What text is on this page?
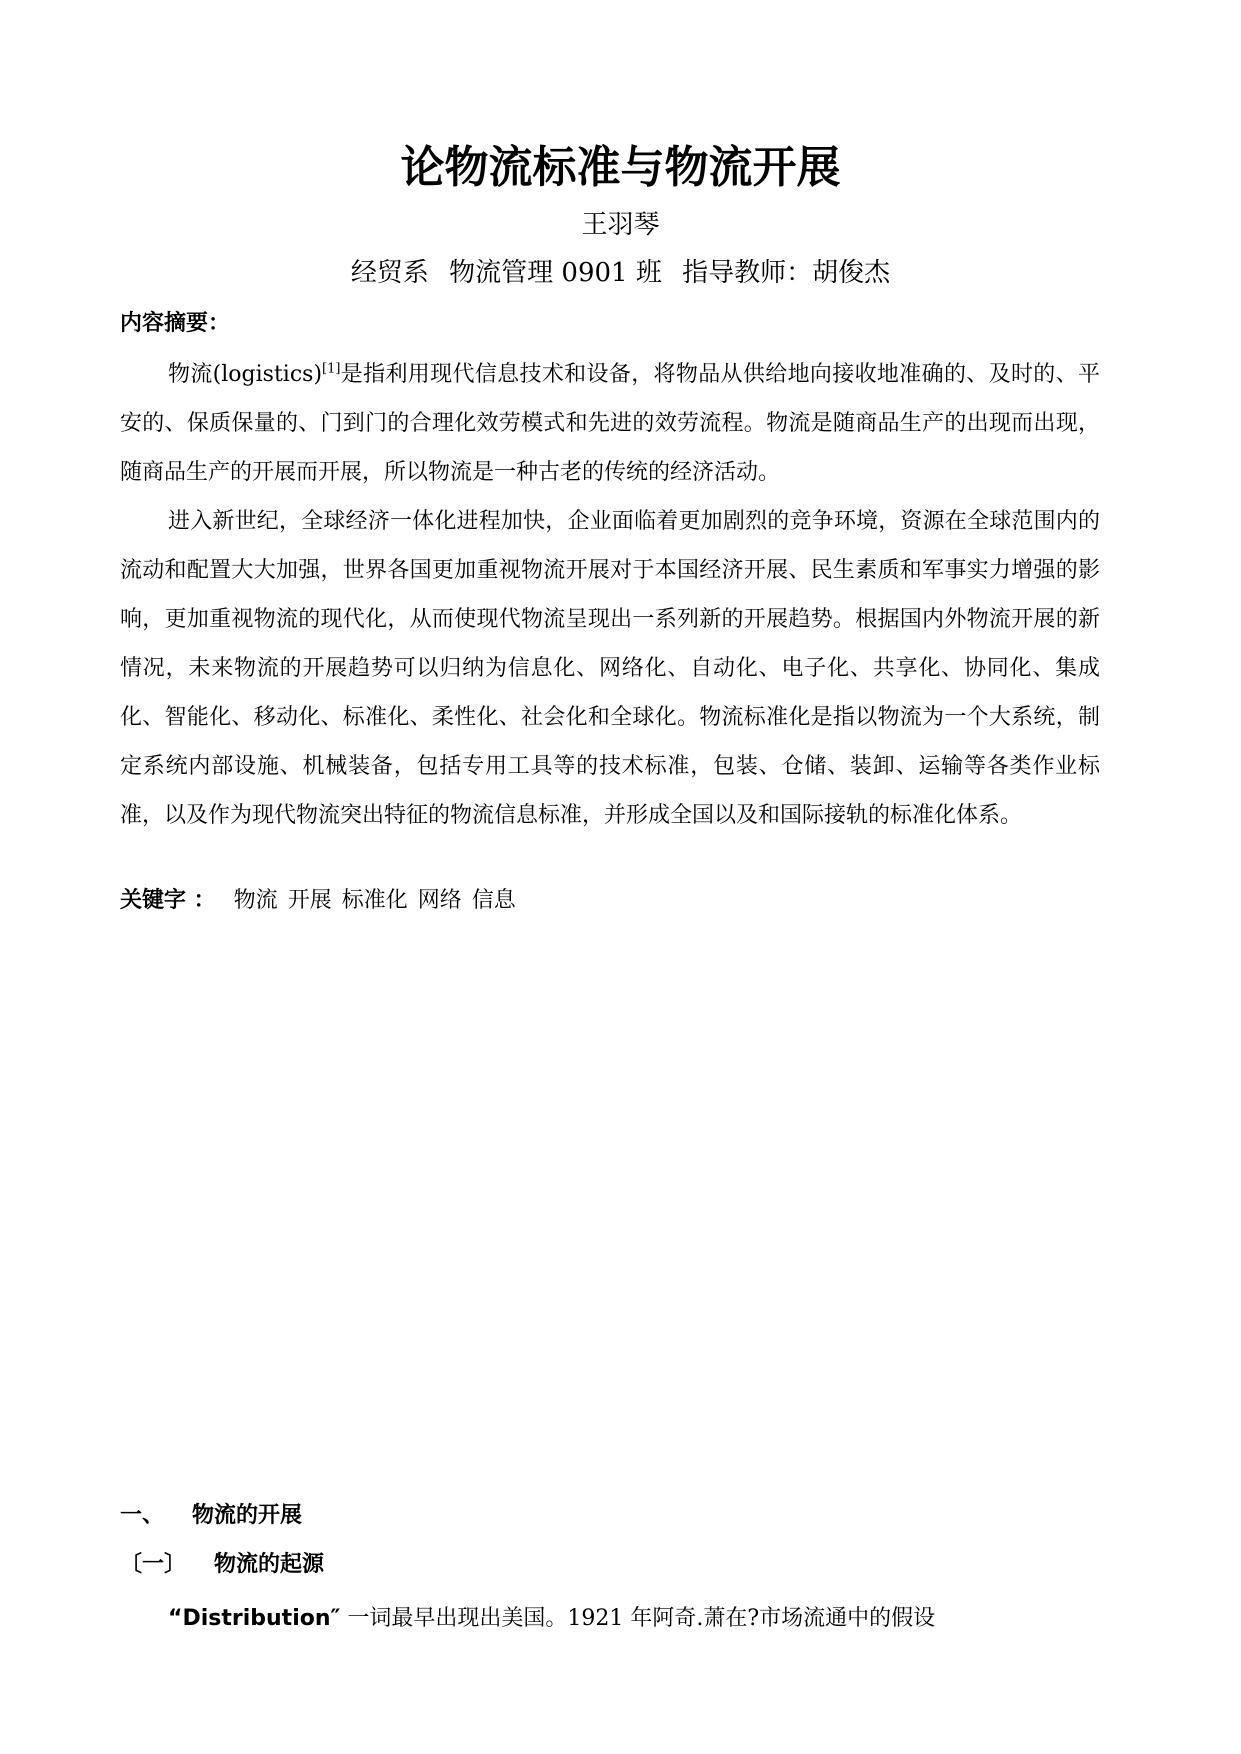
论物流标准与物流开展
王羽琴
经贸系 物流管理 0901 班 指导教师：胡俊杰
内容摘要：

物流(logistics)[1]是指利用现代信息技术和设备，将物品从供给地向接收地准确的、及时的、平安的、保质保量的、门到门的合理化效劳模式和先进的效劳流程。物流是随商品生产的出现而出现，随商品生产的开展而开展，所以物流是一种古老的传统的经济活动。

进入新世纪，全球经济一体化进程加快，企业面临着更加剧烈的竞争环境，资源在全球范围内的流动和配置大大加强，世界各国更加重视物流开展对于本国经济开展、民生素质和军事实力增强的影响，更加重视物流的现代化，从而使现代物流呈现出一系列新的开展趋势。根据国内外物流开展的新情况，未来物流的开展趋势可以归纳为信息化、网络化、自动化、电子化、共享化、协同化、集成化、智能化、移动化、标准化、柔性化、社会化和全球化。物流标准化是指以物流为一个大系统，制定系统内部设施、机械装备，包括专用工具等的技术标准，包装、仓储、装卸、运输等各类作业标准，以及作为现代物流突出特征的物流信息标准，并形成全国以及和国际接轨的标准化体系。

关键字 ： 物流 开展 标准化 网络 信息
一、 物流的开展
〔一〕 物流的起源

“Distribution″ 一词最早出现出美国。1921 年阿奇.萧在?市场流通中的假设
